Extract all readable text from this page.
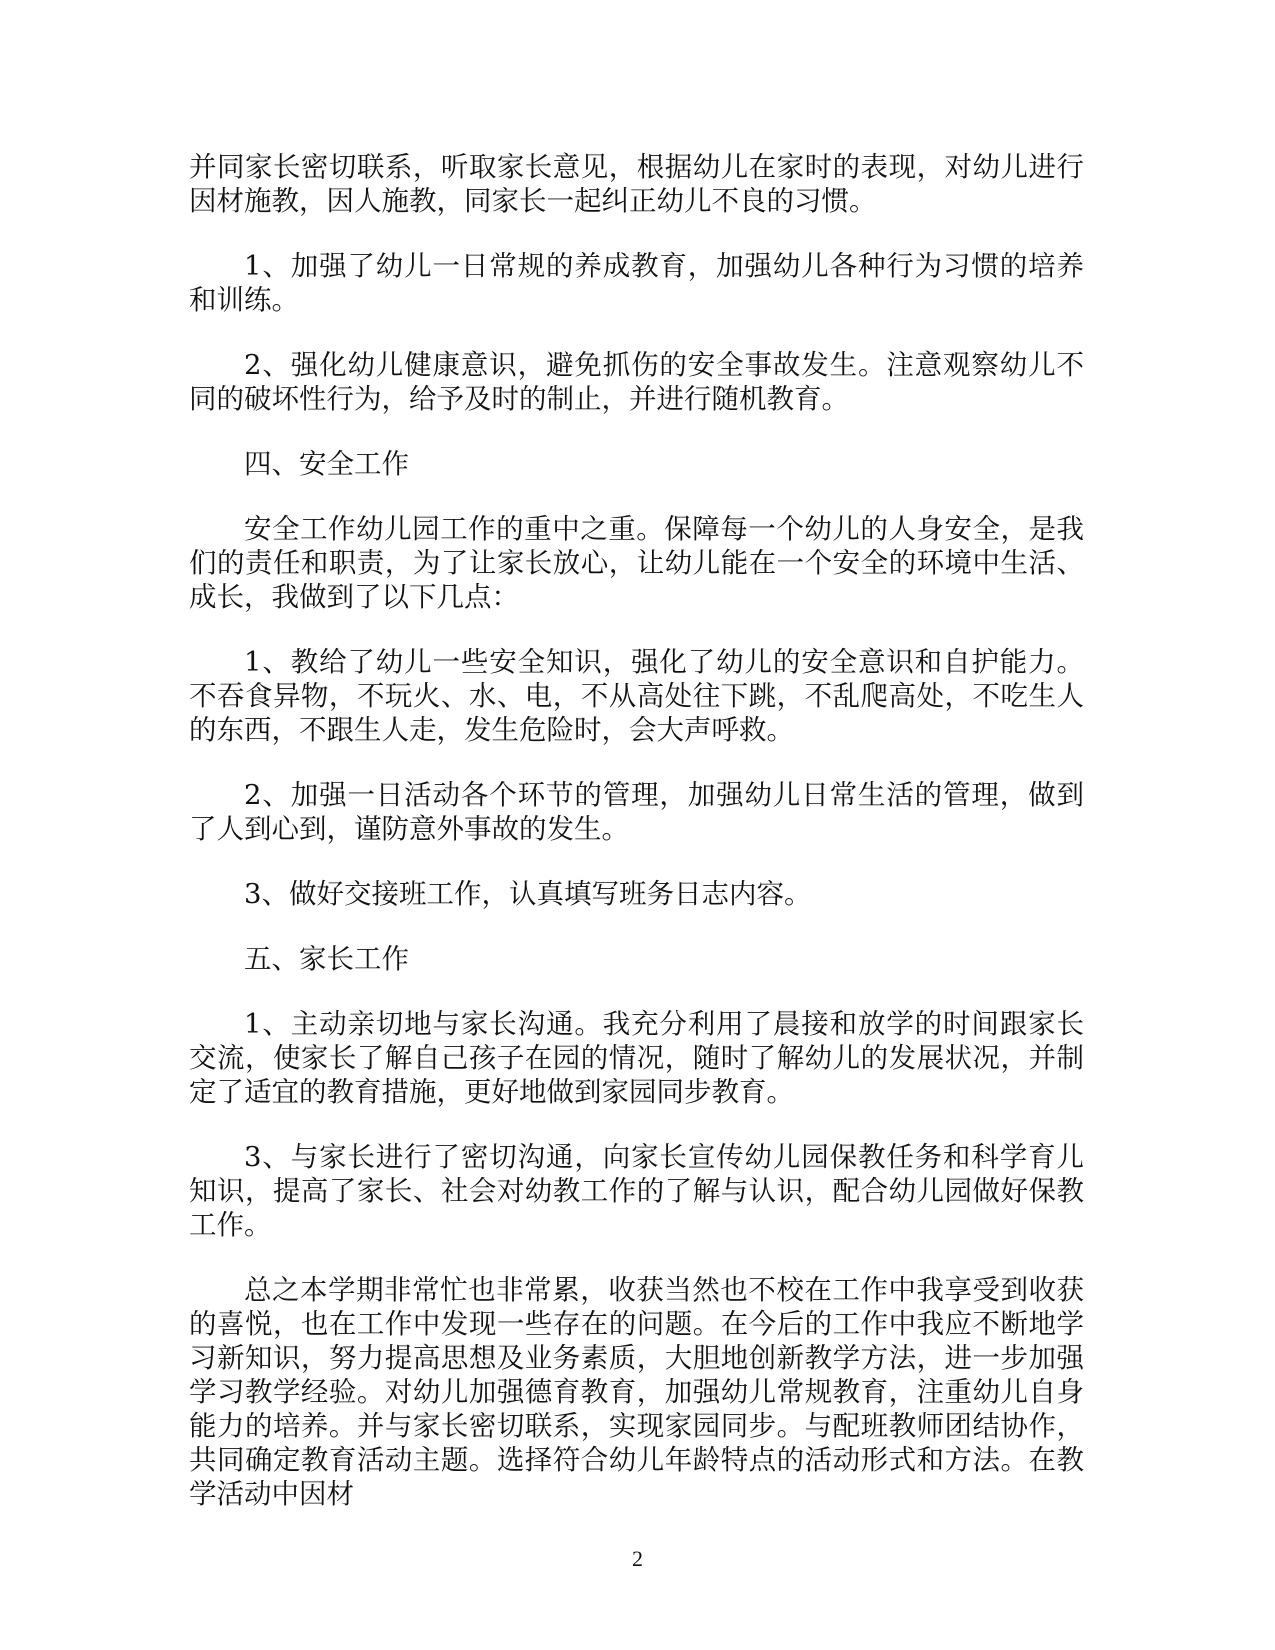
并同家长密切联系，听取家长意见，根据幼儿在家时的表现，对幼儿进行因材施教，因人施教，同家长一起纠正幼儿不良的习惯。

1、加强了幼儿一日常规的养成教育，加强幼儿各种行为习惯的培养和训练。

2、强化幼儿健康意识，避免抓伤的安全事故发生。注意观察幼儿不同的破坏性行为，给予及时的制止，并进行随机教育。

四、安全工作

安全工作幼儿园工作的重中之重。保障每一个幼儿的人身安全，是我们的责任和职责，为了让家长放心，让幼儿能在一个安全的环境中生活、成长，我做到了以下几点：

1、教给了幼儿一些安全知识，强化了幼儿的安全意识和自护能力。不吞食异物，不玩火、水、电，不从高处往下跳，不乱爬高处，不吃生人的东西，不跟生人走，发生危险时，会大声呼救。

2、加强一日活动各个环节的管理，加强幼儿日常生活的管理，做到了人到心到，谨防意外事故的发生。

3、做好交接班工作，认真填写班务日志内容。

五、家长工作

1、主动亲切地与家长沟通。我充分利用了晨接和放学的时间跟家长交流，使家长了解自己孩子在园的情况，随时了解幼儿的发展状况，并制定了适宜的教育措施，更好地做到家园同步教育。

3、与家长进行了密切沟通，向家长宣传幼儿园保教任务和科学育儿知识，提高了家长、社会对幼教工作的了解与认识，配合幼儿园做好保教工作。

总之本学期非常忙也非常累，收获当然也不校在工作中我享受到收获的喜悦，也在工作中发现一些存在的问题。在今后的工作中我应不断地学习新知识，努力提高思想及业务素质，大胆地创新教学方法，进一步加强学习教学经验。对幼儿加强德育教育，加强幼儿常规教育，注重幼儿自身能力的培养。并与家长密切联系，实现家园同步。与配班教师团结协作，共同确定教育活动主题。选择符合幼儿年龄特点的活动形式和方法。在教学活动中因材

2
